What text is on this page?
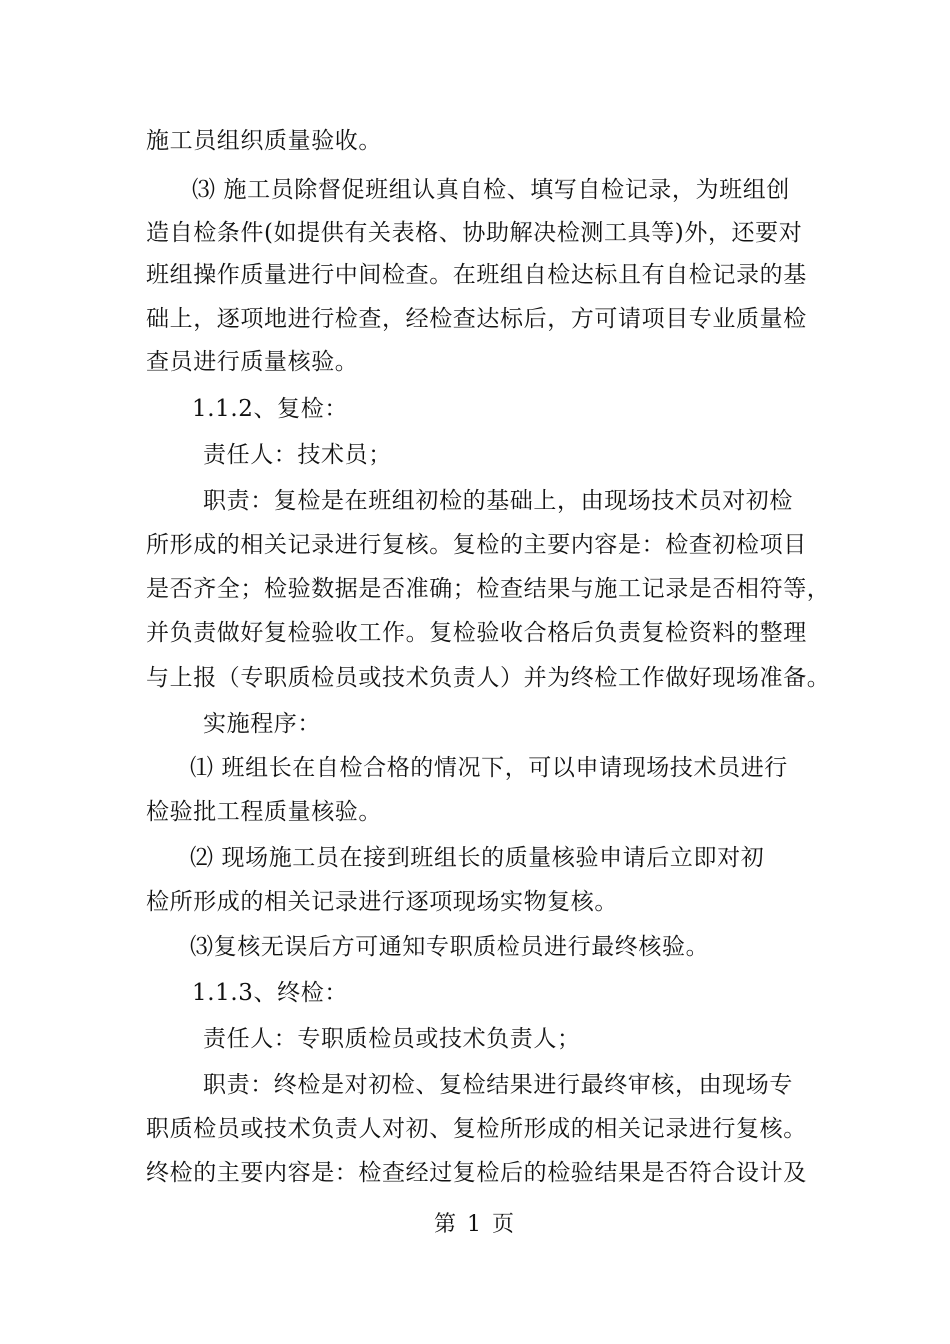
施工员组织质量验收。
⑶ 施工员除督促班组认真自检、填写自检记录，为班组创
造自检条件(如提供有关表格、协助解决检测工具等)外，还要对
班组操作质量进行中间检查。在班组自检达标且有自检记录的基
础上，逐项地进行检查，经检查达标后，方可请项目专业质量检
查员进行质量核验。
1.1.2、复检：
责任人：技术员；
职责：复检是在班组初检的基础上，由现场技术员对初检
所形成的相关记录进行复核。复检的主要内容是：检查初检项目
是否齐全；检验数据是否准确；检查结果与施工记录是否相符等，
并负责做好复检验收工作。复检验收合格后负责复检资料的整理
与上报（专职质检员或技术负责人）并为终检工作做好现场准备。
实施程序：
⑴ 班组长在自检合格的情况下，可以申请现场技术员进行
检验批工程质量核验。
⑵ 现场施工员在接到班组长的质量核验申请后立即对初
检所形成的相关记录进行逐项现场实物复核。
⑶复核无误后方可通知专职质检员进行最终核验。
1.1.3、终检：
责任人：专职质检员或技术负责人；
职责：终检是对初检、复检结果进行最终审核，由现场专
职质检员或技术负责人对初、复检所形成的相关记录进行复核。
终检的主要内容是：检查经过复检后的检验结果是否符合设计及
第 1 页
